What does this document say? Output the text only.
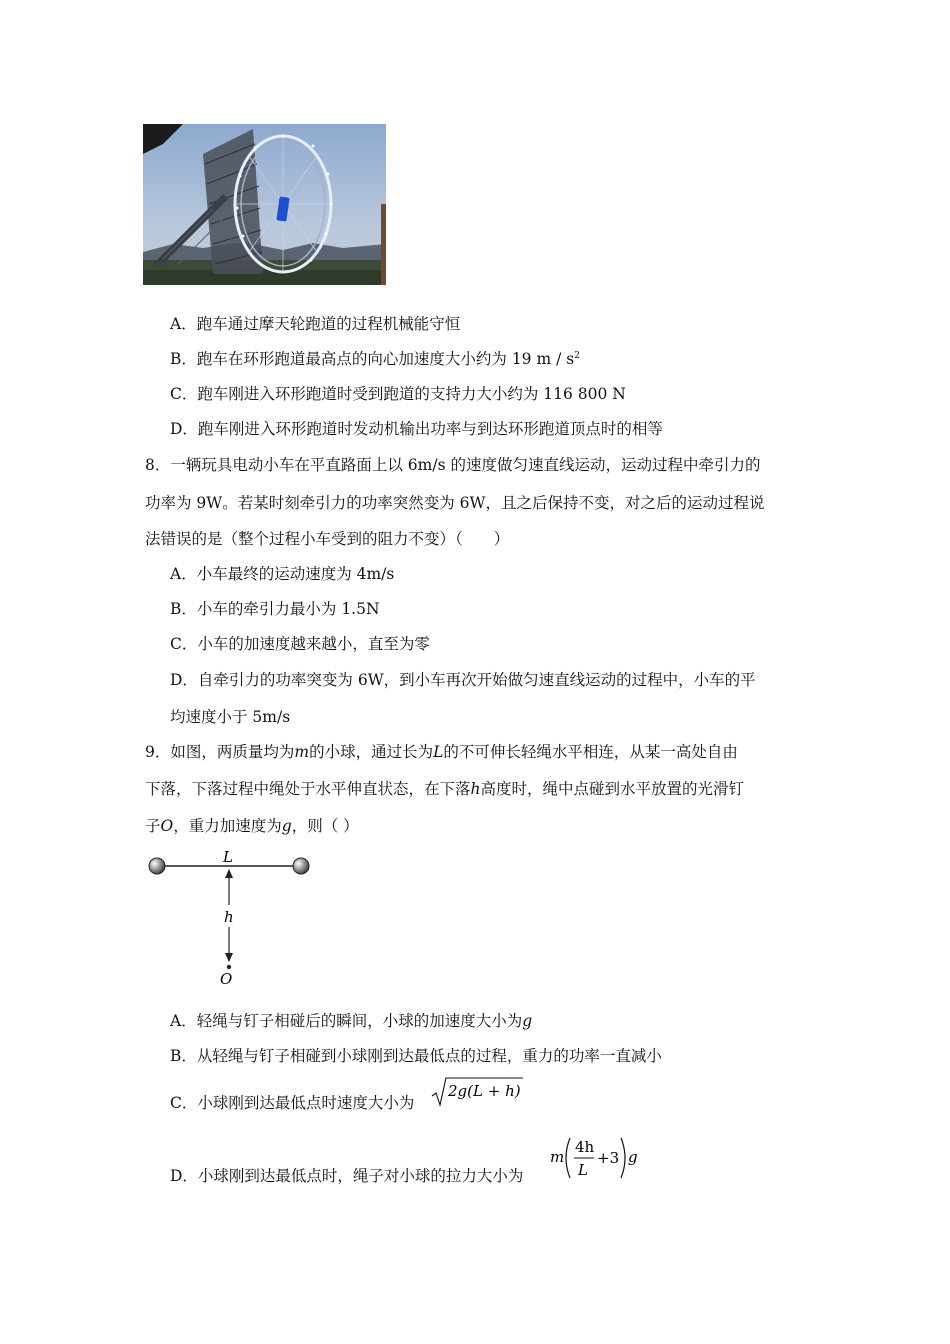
A．跑车通过摩天轮跑道的过程机械能守恒
B．跑车在环形跑道最高点的向心加速度大小约为 19 m / $s^2$
C．跑车刚进入环形跑道时受到跑道的支持力大小约为 116 800 N
D．跑车刚进入环形跑道时发动机输出功率与到达环形跑道顶点时的相等
8．一辆玩具电动小车在平直路面上以 6m/s 的速度做匀速直线运动，运动过程中牵引力的
功率为 9W。若某时刻牵引力的功率突然变为 6W，且之后保持不变，对之后的运动过程说
法错误的是（整个过程小车受到的阻力不变）（　　）
A．小车最终的运动速度为 4m/s
B．小车的牵引力最小为 1.5N
C．小车的加速度越来越小，直至为零
D．自牵引力的功率突变为 6W，到小车再次开始做匀速直线运动的过程中，小车的平
均速度小于 5m/s
9．如图，两质量均为m的小球，通过长为L的不可伸长轻绳水平相连，从某一高处自由
下落，下落过程中绳处于水平伸直状态，在下落h高度时，绳中点碰到水平放置的光滑钉
子O，重力加速度为g，则（ ）
L
h
O
A．轻绳与钉子相碰后的瞬间，小球的加速度大小为g
B．从轻绳与钉子相碰到小球刚到达最低点的过程，重力的功率一直减小
C．小球刚到达最低点时速度大小为
2g(L + h)
D．小球刚到达最低点时，绳子对小球的拉力大小为
m
4h
L
+3 g
